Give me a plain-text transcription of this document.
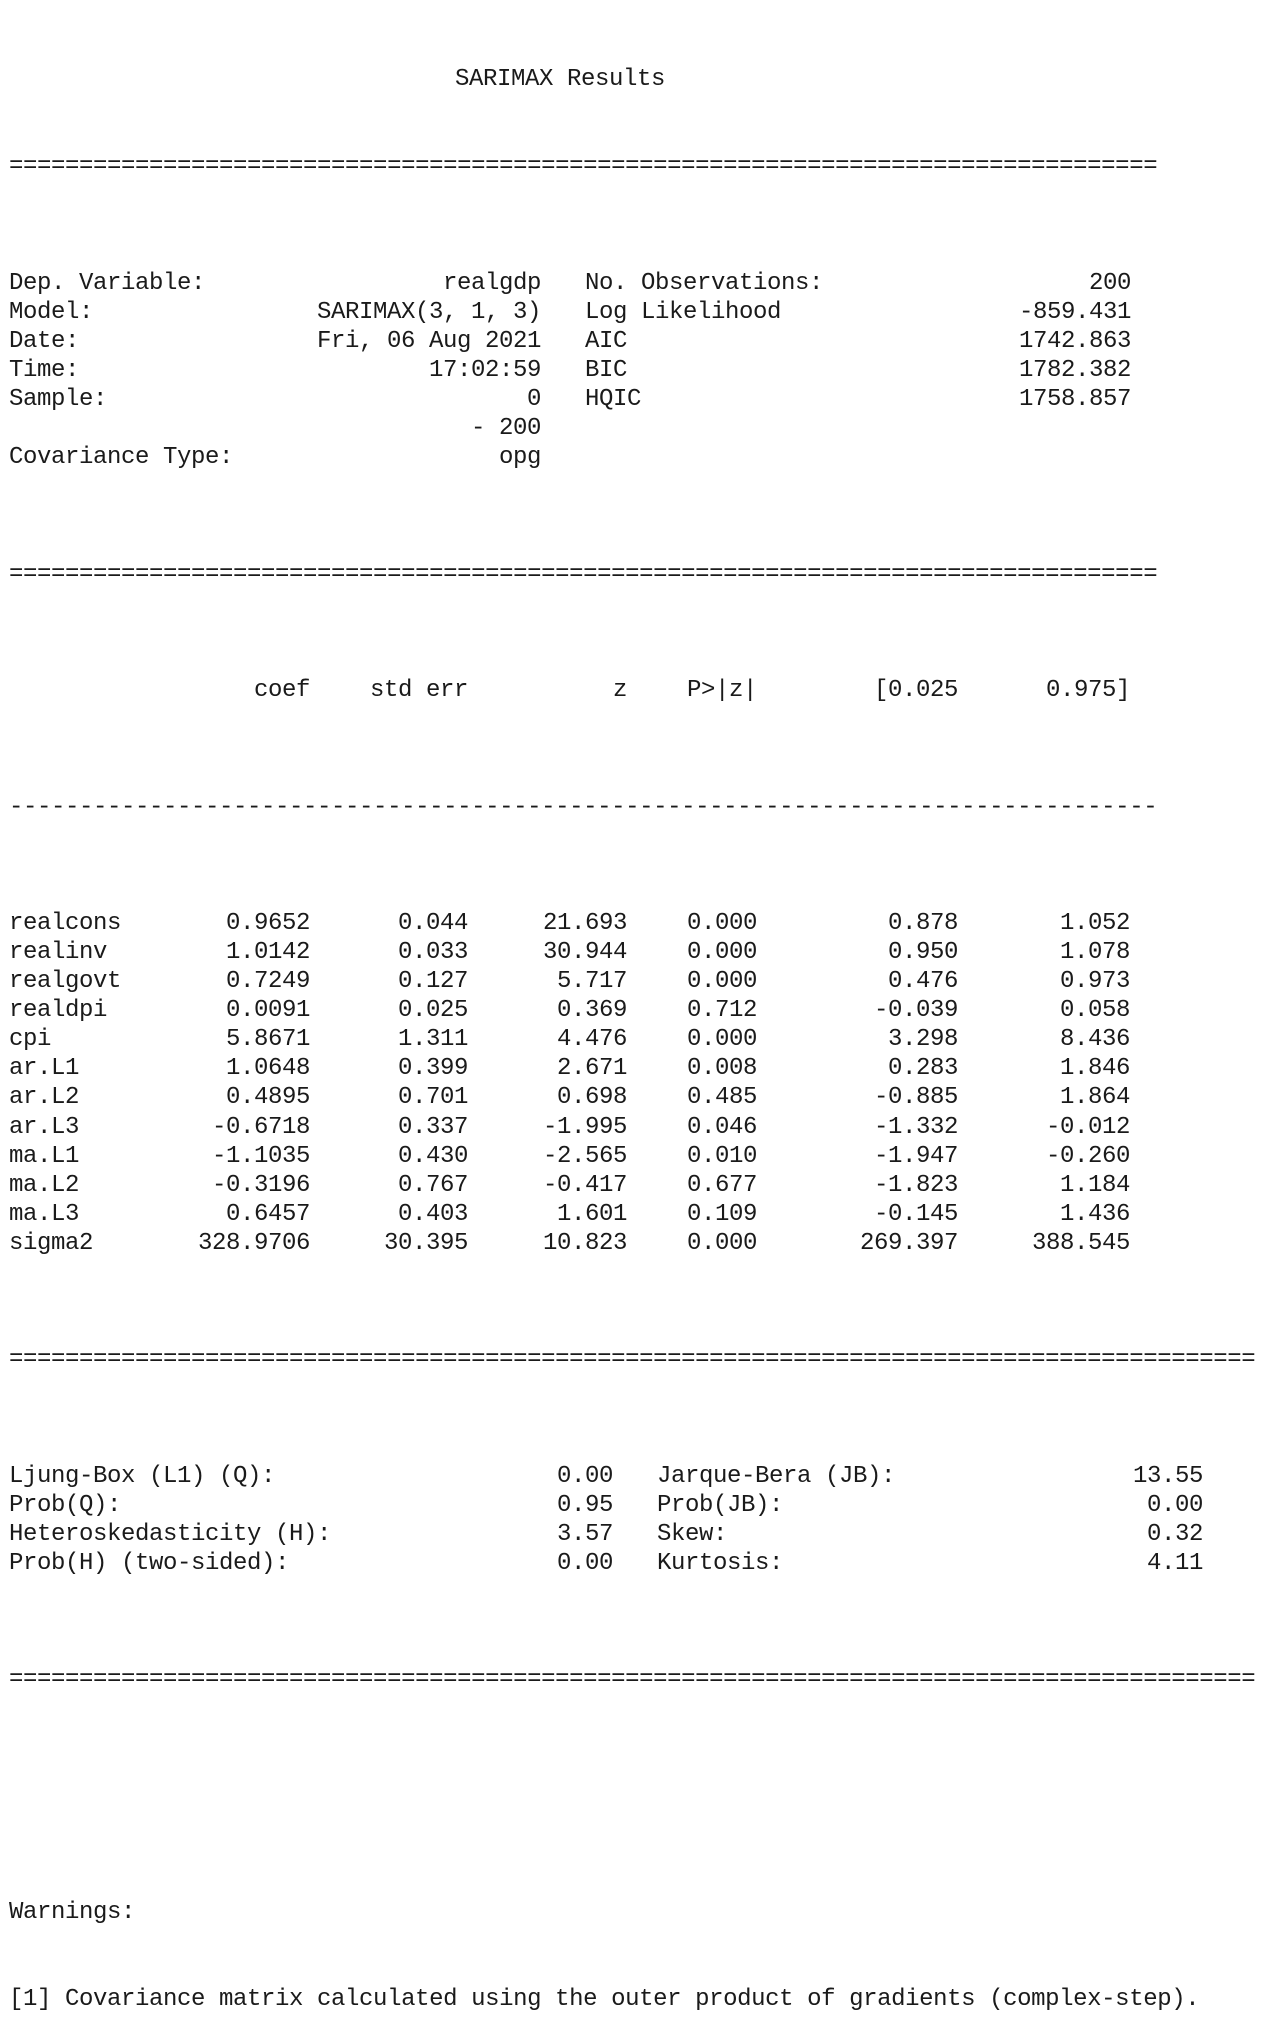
SARIMAX Results

==================================================================================

Dep. Variable:	realgdp No. Observations:	200
Model:	SARIMAX(3, 1, 3) Log Likelihood	-859.431
Date:	Fri, 06 Aug 2021 AIC	1742.863
Time:	17:02:59 BIC	1782.382
Sample:	0 HQIC	1758.857
- 200
Covariance Type:	opg

==================================================================================

coef std err	z P>|z|	[0.025	0.975]

----------------------------------------------------------------------------------

realcons	0.9652	0.044	21.693 0.000	0.878	1.052
realinv	1.0142	0.033	30.944 0.000	0.950	1.078
realgovt	0.7249	0.127	5.717 0.000	0.476	0.973
realdpi	0.0091	0.025	0.369 0.712	-0.039	0.058
cpi	5.8671	1.311	4.476 0.000	3.298	8.436
ar.L1	1.0648	0.399	2.671 0.008	0.283	1.846
ar.L2	0.4895	0.701	0.698 0.485	-0.885	1.864
ar.L3	-0.6718	0.337	-1.995 0.046	-1.332	-0.012
ma.L1	-1.1035	0.430	-2.565 0.010	-1.947	-0.260
ma.L2	-0.3196	0.767	-0.417 0.677	-1.823	1.184
ma.L3	0.6457	0.403	1.601 0.109	-0.145	1.436
sigma2	328.9706	30.395	10.823 0.000	269.397	388.545

=========================================================================================

Ljung-Box (L1) (Q):	0.00 Jarque-Bera (JB):	13.55
Prob(Q):	0.95 Prob(JB):	0.00
Heteroskedasticity (H):	3.57 Skew:	0.32
Prob(H) (two-sided):	0.00 Kurtosis:	4.11

=========================================================================================

Warnings:

[1] Covariance matrix calculated using the outer product of gradients (complex-step).
